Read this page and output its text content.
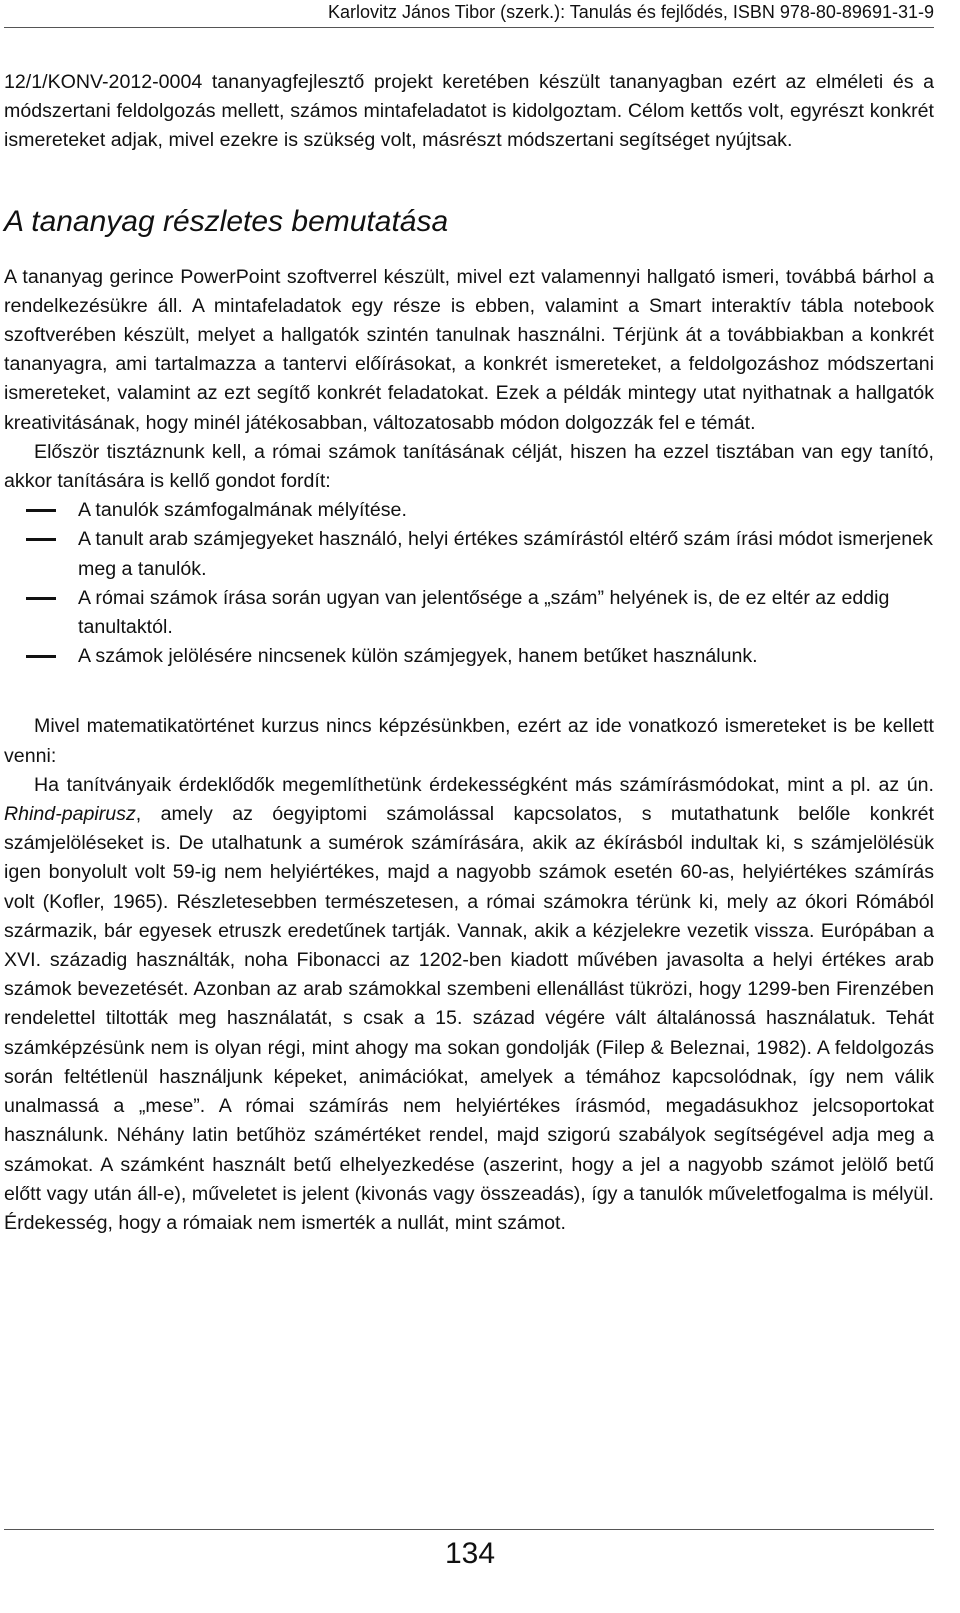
Karlovitz János Tibor (szerk.): Tanulás és fejlődés, ISBN 978-80-89691-31-9

12/1/KONV-2012-0004 tananyagfejlesztő projekt keretében készült tananyagban ezért az elméleti és a módszertani feldolgozás mellett, számos mintafeladatot is kidolgoztam. Célom kettős volt, egyrészt konkrét ismereteket adjak, mivel ezekre is szükség volt, másrészt módszertani segítséget nyújtsak.

A tananyag részletes bemutatása

A tananyag gerince PowerPoint szoftverrel készült, mivel ezt valamennyi hallgató ismeri, továbbá bárhol a rendelkezésükre áll. A mintafeladatok egy része is ebben, valamint a Smart interaktív tábla notebook szoftverében készült, melyet a hallgatók szintén tanulnak használni. Térjünk át a továbbiakban a konkrét tananyagra, ami tartalmazza a tantervi előírásokat, a konkrét ismereteket, a feldolgozáshoz módszertani ismereteket, valamint az ezt segítő konkrét feladatokat. Ezek a példák mintegy utat nyithatnak a hallgatók kreativitásának, hogy minél játékosabban, változatosabb módon dolgozzák fel e témát.

Először tisztáznunk kell, a római számok tanításának célját, hiszen ha ezzel tisztában van egy tanító, akkor tanítására is kellő gondot fordít:

A tanulók számfogalmának mélyítése.
A tanult arab számjegyeket használó, helyi értékes számírástól eltérő szám írási módot ismerjenek meg a tanulók.
A római számok írása során ugyan van jelentősége a „szám” helyének is, de ez eltér az eddig tanultaktól.
A számok jelölésére nincsenek külön számjegyek, hanem betűket használunk.

Mivel matematikatörténet kurzus nincs képzésünkben, ezért az ide vonatkozó ismereteket is be kellett venni:

Ha tanítványaik érdeklődők megemlíthetünk érdekességként más számírásmódokat, mint a pl. az ún. Rhind-papirusz, amely az óegyiptomi számolással kapcsolatos, s mutathatunk belőle konkrét számjelöléseket is. De utalhatunk a sumérok számírására, akik az ékírásból indultak ki, s számjelölésük igen bonyolult volt 59-ig nem helyiértékes, majd a nagyobb számok esetén 60-as, helyiértékes számírás volt (Kofler, 1965). Részletesebben természetesen, a római számokra térünk ki, mely az ókori Rómából származik, bár egyesek etruszk eredetűnek tartják. Vannak, akik a kézjelekre vezetik vissza. Európában a XVI. századig használták, noha Fibonacci az 1202-ben kiadott művében javasolta a helyi értékes arab számok bevezetését. Azonban az arab számokkal szembeni ellenállást tükrözi, hogy 1299-ben Firenzében rendelettel tiltották meg használatát, s csak a 15. század végére vált általánossá használatuk. Tehát számképzésünk nem is olyan régi, mint ahogy ma sokan gondolják (Filep & Beleznai, 1982). A feldolgozás során feltétlenül használjunk képeket, animációkat, amelyek a témához kapcsolódnak, így nem válik unalmassá a „mese”. A római számírás nem helyiértékes írásmód, megadásukhoz jelcsoportokat használunk. Néhány latin betűhöz számértéket rendel, majd szigorú szabályok segítségével adja meg a számokat. A számként használt betű elhelyezkedése (aszerint, hogy a jel a nagyobb számot jelölő betű előtt vagy után áll-e), műveletet is jelent (kivonás vagy összeadás), így a tanulók műveletfogalma is mélyül. Érdekesség, hogy a rómaiak nem ismerték a nullát, mint számot.

134
